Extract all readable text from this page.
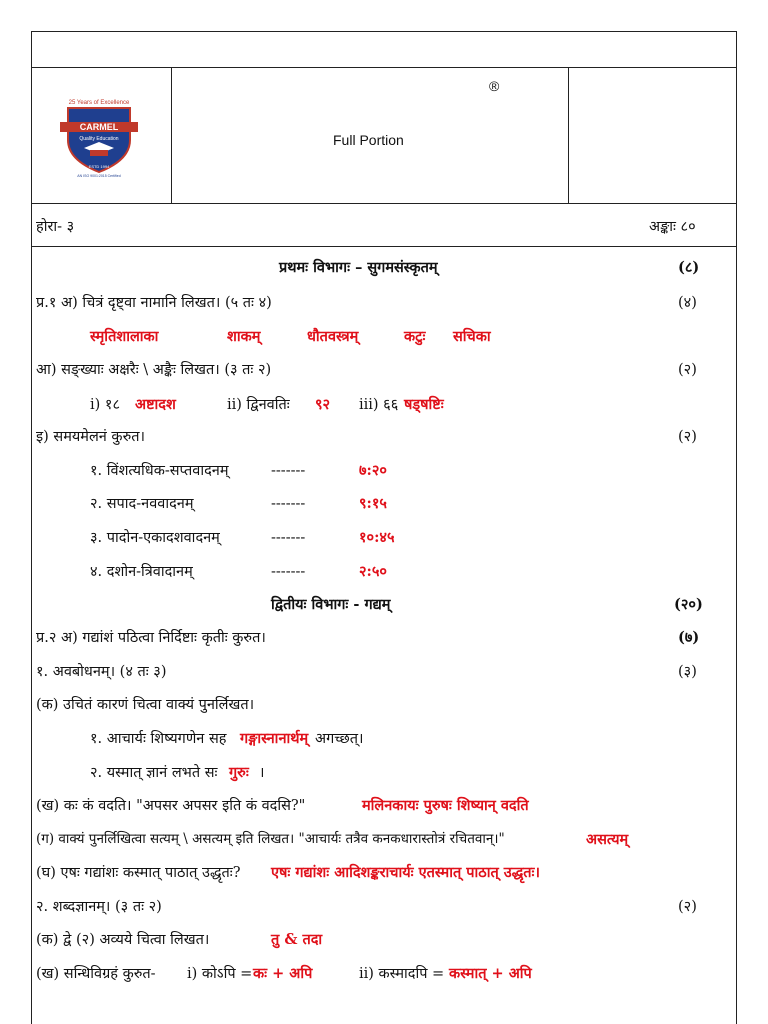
25 Years of Excellence
CARMEL
Quality Education
ESTD 1994
AN ISO 9001:2015 Certified
®
Full Portion
होरा- ३	अङ्काः ८०
प्रथमः विभागः – सुगमसंस्कृतम्	(८)
प्र.१ अ) चित्रं दृष्ट्वा नामानि लिखत। (५ तः ४)	(४)
स्मृतिशालाका	शाकम्	धौतवस्त्रम्	कटुः सचिका
आ) सङ्ख्याः अक्षरैः \ अङ्कैः लिखत। (३ तः २)	(२)
i) १८ अष्टादश	ii) द्विनवतिः ९२ iii) ६६ षड्षष्टिः
इ) समयमेलनं कुरुत।	(२)
१. विंशत्यधिक-सप्तवादनम्	-------	७:२०
२. सपाद-नववादनम्	-------	९:१५
३. पादोन-एकादशवादनम्	-------	१०:४५
४. दशोन-त्रिवादानम्	-------	२:५०
द्वितीयः विभागः - गद्यम्	(२०)
प्र.२ अ) गद्यांशं पठित्वा निर्दिष्टाः कृतीः कुरुत।	(७)
१. अवबोधनम्। (४ तः ३)	(३)
(क) उचितं कारणं चित्वा वाक्यं पुनर्लिखत।
१. आचार्यः शिष्यगणेन सह गङ्गास्नानार्थम् अगच्छत्।
२. यस्मात् ज्ञानं लभते सः गुरुः ।
(ख) कः कं वदति। "अपसर अपसर इति कं वदसि?"	मलिनकायः पुरुषः शिष्यान् वदति
(ग) वाक्यं पुनर्लिखित्वा सत्यम् \ असत्यम् इति लिखत। "आचार्यः तत्रैव कनकधारास्तोत्रं रचितवान्।"	असत्यम्
(घ) एषः गद्यांशः कस्मात् पाठात् उद्धृतः? एषः गद्यांशः आदिशङ्कराचार्यः एतस्मात् पाठात् उद्धृतः।
२. शब्दज्ञानम्। (३ तः २)	(२)
(क) द्वे (२) अव्यये चित्वा लिखत।	तु & तदा
(ख) सन्धिविग्रहं कुरुत- i) कोऽपि = कः + अपि	ii) कस्मादपि = कस्मात् + अपि
